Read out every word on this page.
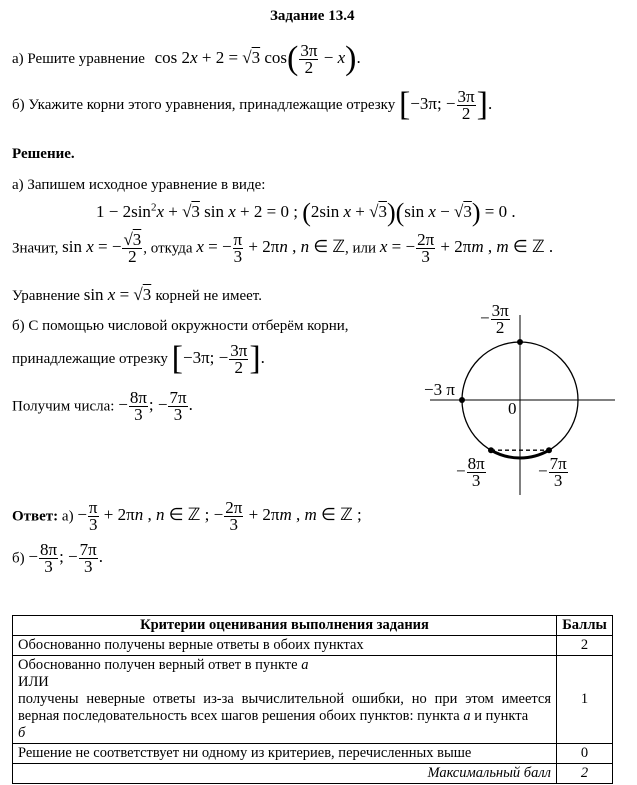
Задание 13.4
а) Решите уравнение cos 2x + 2 = √3 $\cos( \frac{3\pi}{2} - x)$.
б) Укажите корни этого уравнения, принадлежащие отрезку [−3π; − $\frac{3\pi}{2}$ ].
Решение.
а) Запишем исходное уравнение в виде:
$1 - 2\sin^2x + √3$ sin x + 2 = 0 ; (2sin x + √3)(sin x − √3) = 0 .
Значит, sin x = − $\frac{√3}{2}$ , откуда x = − $\frac{\pi}{3} + 2\pi n$ , n ∈ ℤ, или x = − $\frac{2\pi}{3} + 2\pi m$ , m ∈ ℤ .
Уравнение sin x = √3 корней не имеет.
б) С помощью числовой окружности отберём корни,
принадлежащие отрезку [−3π; − $\frac{3\pi}{2}$ ].
Получим числа: − $\frac{8\pi}{3}$ ; − $\frac{7\pi}{3}$ .
− $\frac{3\pi}{2}$
−3 π
0
− $\frac{8\pi}{3}$	− $\frac{7\pi}{3}$
Ответ: $а) - \frac{\pi}{3} + 2\pi n$ , n ∈ ℤ ; − $\frac{2\pi}{3} + 2\pi m$ , m ∈ ℤ ;
$б) - \frac{8\pi}{3}$ ; − $\frac{7\pi}{3}$ .
Критерии оценивания выполнения задания	Баллы
Обоснованно получены верные ответы в обоих пунктах	2
Обоснованно получен верный ответ в пункте а
ИЛИ
получены неверные ответы из-за вычислительной ошибки, но при этом имеется верная последовательность всех шагов решения обоих пунктов: пункта а и пункта
б	1
Решение не соответствует ни одному из критериев, перечисленных выше	0
Максимальный балл	2
